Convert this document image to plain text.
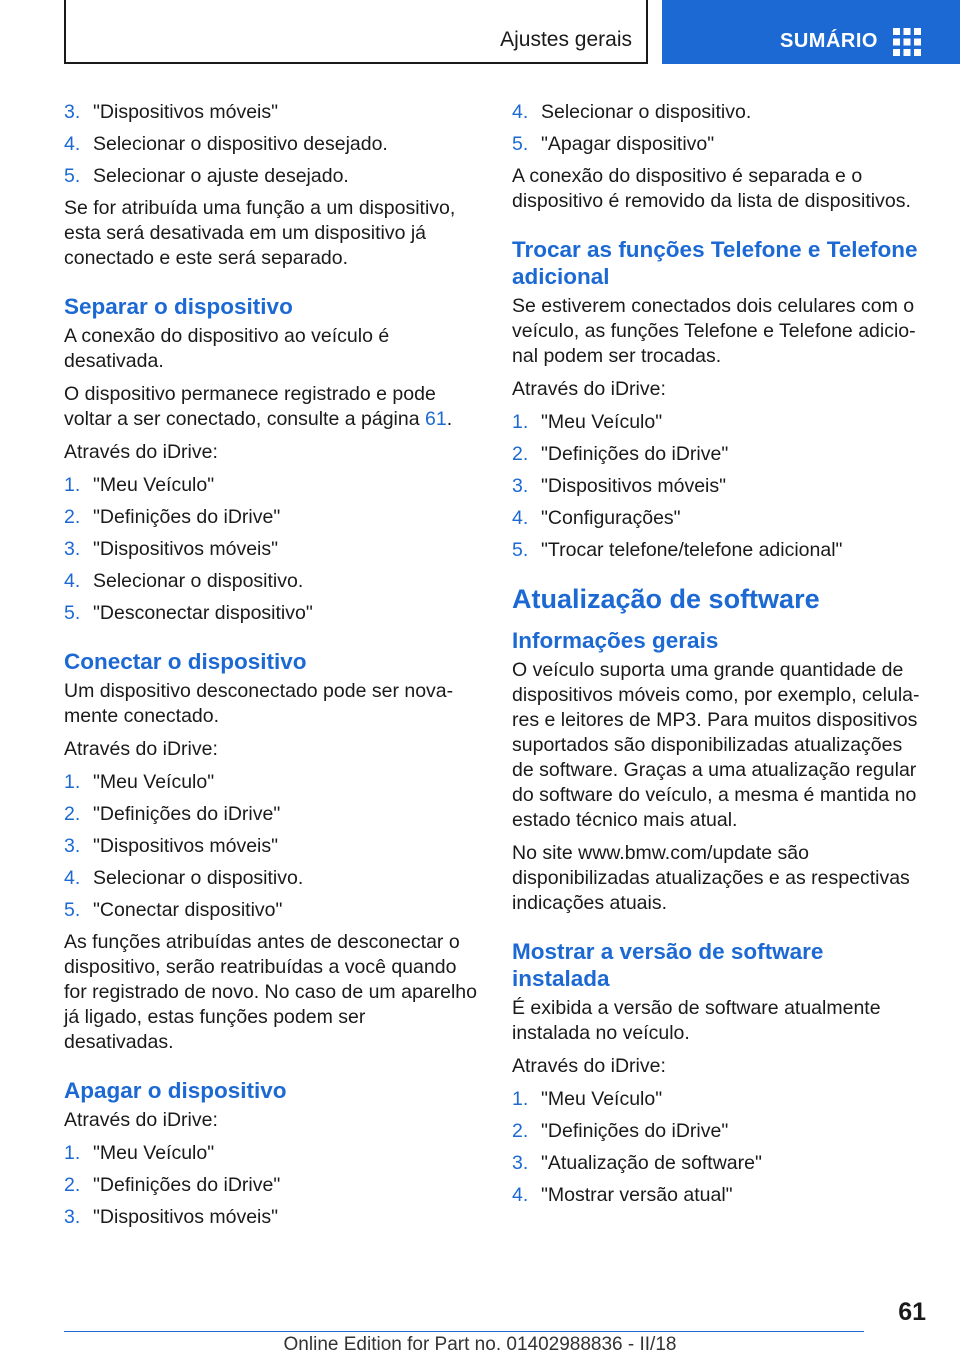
Ajustes gerais	SUMÁRIO
3. "Dispositivos móveis"
4. Selecionar o dispositivo desejado.
5. Selecionar o ajuste desejado.

Se for atribuída uma função a um dispositivo, esta será desativada em um dispositivo já conectado e este será separado.

Separar o dispositivo

A conexão do dispositivo ao veículo é desativada.

O dispositivo permanece registrado e pode voltar a ser conectado, consulte a página 61.

Através do iDrive:

1. "Meu Veículo"
2. "Definições do iDrive"
3. "Dispositivos móveis"
4. Selecionar o dispositivo.
5. "Desconectar dispositivo"
Conectar o dispositivo

Um dispositivo desconectado pode ser novamente conectado.

Através do iDrive:

1. "Meu Veículo"
2. "Definições do iDrive"
3. "Dispositivos móveis"
4. Selecionar o dispositivo.
5. "Conectar dispositivo"

As funções atribuídas antes de desconectar o dispositivo, serão reatribuídas a você quando for registrado de novo. No caso de um aparelho já ligado, estas funções podem ser desativadas.

Apagar o dispositivo

Através do iDrive:

1. "Meu Veículo"
2. "Definições do iDrive"
3. "Dispositivos móveis"
4. Selecionar o dispositivo.
5. "Apagar dispositivo"

A conexão do dispositivo é separada e o dispositivo é removido da lista de dispositivos.

Trocar as funções Telefone e Telefone adicional

Se estiverem conectados dois celulares com o veículo, as funções Telefone e Telefone adicional podem ser trocadas.

Através do iDrive:

1. "Meu Veículo"
2. "Definições do iDrive"
3. "Dispositivos móveis"
4. "Configurações"
5. "Trocar telefone/telefone adicional"
Atualização de software
Informações gerais

O veículo suporta uma grande quantidade de dispositivos móveis como, por exemplo, celulares e leitores de MP3. Para muitos dispositivos suportados são disponibilizadas atualizações de software. Graças a uma atualização regular do software do veículo, a mesma é mantida no estado técnico mais atual.

No site www.bmw.com/update são disponibilizadas atualizações e as respectivas indicações atuais.

Mostrar a versão de software instalada

É exibida a versão de software atualmente instalada no veículo.

Através do iDrive:

1. "Meu Veículo"
2. "Definições do iDrive"
3. "Atualização de software"
4. "Mostrar versão atual"
61
Online Edition for Part no. 01402988836 - II/18
